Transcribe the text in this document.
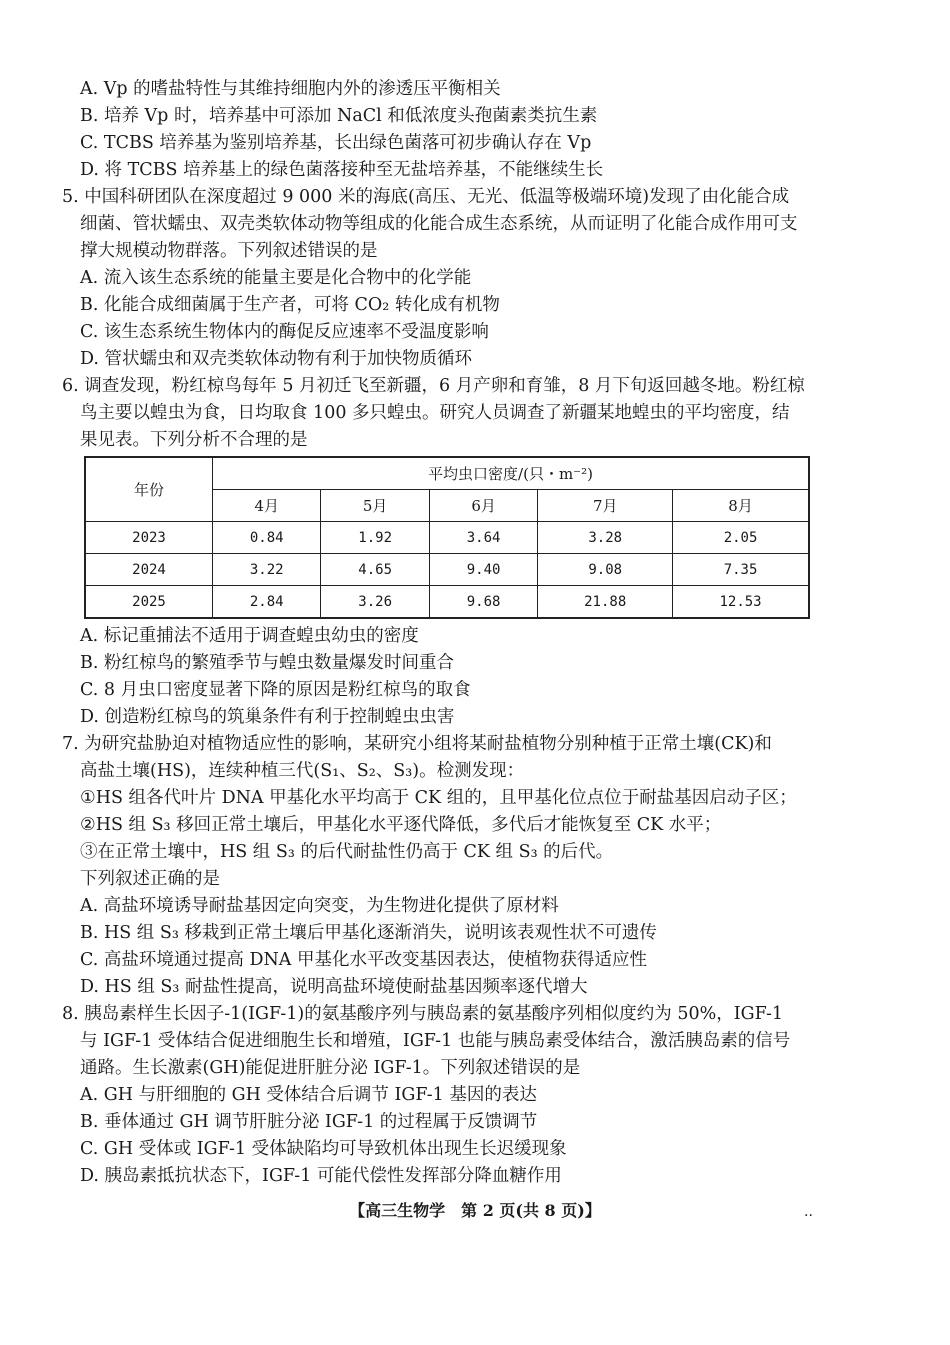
A. Vp 的嗜盐特性与其维持细胞内外的渗透压平衡相关
B. 培养 Vp 时，培养基中可添加 NaCl 和低浓度头孢菌素类抗生素
C. TCBS 培养基为鉴别培养基，长出绿色菌落可初步确认存在 Vp
D. 将 TCBS 培养基上的绿色菌落接种至无盐培养基，不能继续生长
5. 中国科研团队在深度超过 9 000 米的海底(高压、无光、低温等极端环境)发现了由化能合成
细菌、管状蠕虫、双壳类软体动物等组成的化能合成生态系统，从而证明了化能合成作用可支
撑大规模动物群落。下列叙述错误的是
A. 流入该生态系统的能量主要是化合物中的化学能
B. 化能合成细菌属于生产者，可将 CO₂ 转化成有机物
C. 该生态系统生物体内的酶促反应速率不受温度影响
D. 管状蠕虫和双壳类软体动物有利于加快物质循环
6. 调查发现，粉红椋鸟每年 5 月初迁飞至新疆，6 月产卵和育雏，8 月下旬返回越冬地。粉红椋
鸟主要以蝗虫为食，日均取食 100 多只蝗虫。研究人员调查了新疆某地蝗虫的平均密度，结
果见表。下列分析不合理的是
年份	平均虫口密度/(只・m⁻²)				
	4月	5月	6月	7月	8月
2023	0.84	1.92	3.64	3.28	2.05
2024	3.22	4.65	9.40	9.08	7.35
2025	2.84	3.26	9.68	21.88	12.53
A. 标记重捕法不适用于调查蝗虫幼虫的密度
B. 粉红椋鸟的繁殖季节与蝗虫数量爆发时间重合
C. 8 月虫口密度显著下降的原因是粉红椋鸟的取食
D. 创造粉红椋鸟的筑巢条件有利于控制蝗虫虫害
7. 为研究盐胁迫对植物适应性的影响，某研究小组将某耐盐植物分别种植于正常土壤(CK)和
高盐土壤(HS)，连续种植三代(S₁、S₂、S₃)。检测发现：
①HS 组各代叶片 DNA 甲基化水平均高于 CK 组的，且甲基化位点位于耐盐基因启动子区；
②HS 组 S₃ 移回正常土壤后，甲基化水平逐代降低，多代后才能恢复至 CK 水平；
③在正常土壤中，HS 组 S₃ 的后代耐盐性仍高于 CK 组 S₃ 的后代。
下列叙述正确的是
A. 高盐环境诱导耐盐基因定向突变，为生物进化提供了原材料
B. HS 组 S₃ 移栽到正常土壤后甲基化逐渐消失，说明该表观性状不可遗传
C. 高盐环境通过提高 DNA 甲基化水平改变基因表达，使植物获得适应性
D. HS 组 S₃ 耐盐性提高，说明高盐环境使耐盐基因频率逐代增大
8. 胰岛素样生长因子-1(IGF-1)的氨基酸序列与胰岛素的氨基酸序列相似度约为 50%，IGF-1
与 IGF-1 受体结合促进细胞生长和增殖，IGF-1 也能与胰岛素受体结合，激活胰岛素的信号
通路。生长激素(GH)能促进肝脏分泌 IGF-1。下列叙述错误的是
A. GH 与肝细胞的 GH 受体结合后调节 IGF-1 基因的表达
B. 垂体通过 GH 调节肝脏分泌 IGF-1 的过程属于反馈调节
C. GH 受体或 IGF-1 受体缺陷均可导致机体出现生长迟缓现象
D. 胰岛素抵抗状态下，IGF-1 可能代偿性发挥部分降血糖作用
【高三生物学　第 2 页(共 8 页)】	..
